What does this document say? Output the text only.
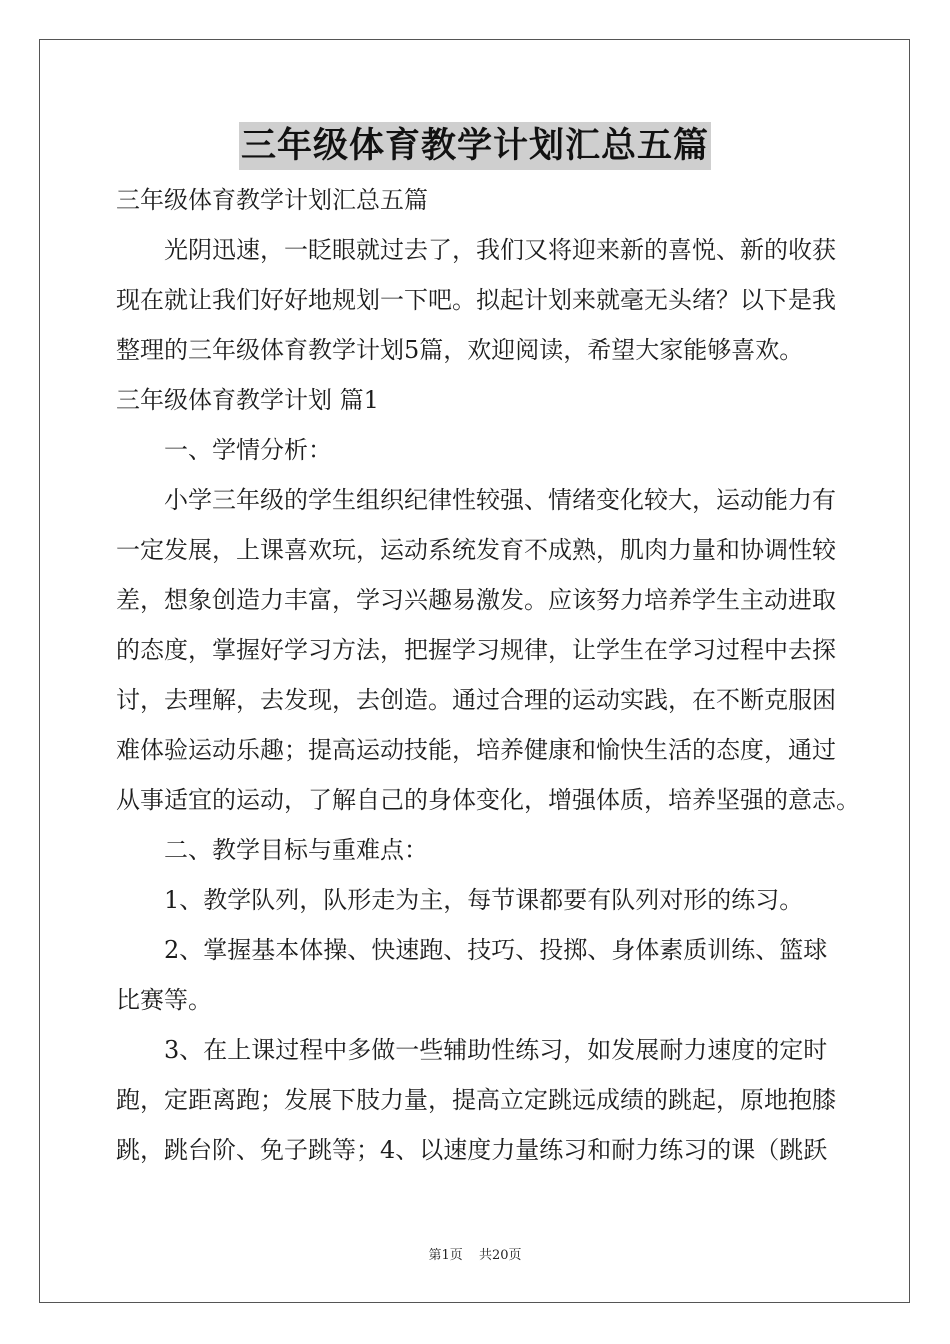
三年级体育教学计划汇总五篇
三年级体育教学计划汇总五篇
光阴迅速，一眨眼就过去了，我们又将迎来新的喜悦、新的收获
现在就让我们好好地规划一下吧。拟起计划来就毫无头绪？以下是我
整理的三年级体育教学计划5篇，欢迎阅读，希望大家能够喜欢。
三年级体育教学计划 篇1
一、学情分析：
小学三年级的学生组织纪律性较强、情绪变化较大，运动能力有
一定发展，上课喜欢玩，运动系统发育不成熟，肌肉力量和协调性较
差，想象创造力丰富，学习兴趣易激发。应该努力培养学生主动进取
的态度，掌握好学习方法，把握学习规律，让学生在学习过程中去探
讨，去理解，去发现，去创造。通过合理的运动实践，在不断克服困
难体验运动乐趣；提高运动技能，培养健康和愉快生活的态度，通过
从事适宜的运动，了解自己的身体变化，增强体质，培养坚强的意志。
二、教学目标与重难点：
1、教学队列，队形走为主，每节课都要有队列对形的练习。
2、掌握基本体操、快速跑、技巧、投掷、身体素质训练、篮球
比赛等。
3、在上课过程中多做一些辅助性练习，如发展耐力速度的定时
跑，定距离跑；发展下肢力量，提高立定跳远成绩的跳起，原地抱膝
跳，跳台阶、免子跳等；4、以速度力量练习和耐力练习的课（跳跃
第1页 共20页
